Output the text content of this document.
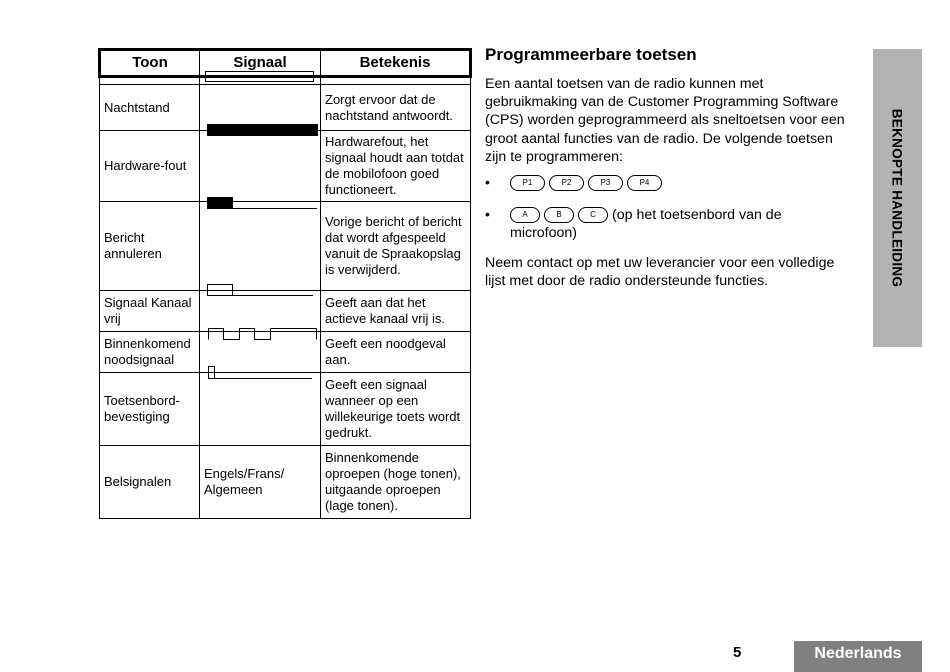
Toon	Signaal	Betekenis

Nachtstand		Zorgt ervoor dat de nachtstand antwoordt.
Hardware-fout		Hardwarefout, het signaal houdt aan totdat de mobilofoon goed functioneert.
Bericht annuleren		Vorige bericht of bericht dat wordt afgespeeld vanuit de Spraakopslag is verwijderd.
Signaal Kanaal vrij		Geeft aan dat het actieve kanaal vrij is.
Binnenkomend noodsignaal		Geeft een noodgeval aan.
Toetsenbord-bevestiging		Geeft een signaal wanneer op een willekeurige toets wordt gedrukt.
Belsignalen	Engels/Frans/ Algemeen	Binnenkomende oproepen (hoge tonen), uitgaande oproepen (lage tonen).
Programmeerbare toetsen
Een aantal toetsen van de radio kunnen met gebruikmaking van de Customer Programming Software (CPS) worden geprogrammeerd als sneltoetsen voor een groot aantal functies van de radio. De volgende toetsen zijn te programmeren:
•	P1	P2	P3	P4
•	A	B	C (op het toetsenbord van de microfoon)
Neem contact op met uw leverancier voor een volledige lijst met door de radio ondersteunde functies.	BEKNOPTE HANDLEIDING
5	Nederlands
